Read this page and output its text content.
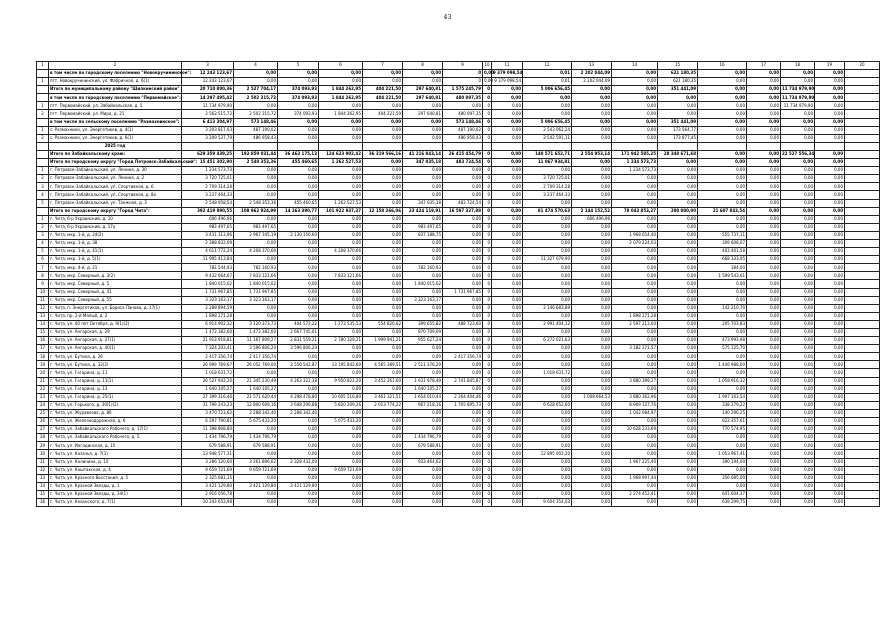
43
1	2	3	4	5	6	7	8	9	10	11	12	13	14	15	16	17	18	19	20
	в том числе по городскому поселению "Новокручининское":	12 243 123,67	0,00	0,00	0,00	0,00	0,00	0	0,00	9 379 098,54	0,01	2 202 044,09	0,00	621 180,35	0,00	0,00	0,00	0,00	
1	пгт. Новокручининский, ул. Фабричная, д. 6(1)	12 243 123,67	0,00	0,00	0,00	0,00	0,00	0	0,00	9 379 098,54	0,01	2 202 044,09	0,00	621 180,35	0,00	0,00	0,00	0,00	
	Итого по муниципальному району "Шилкинский район"	20 710 800,36	2 527 704,17	374 093,93	1 844 262,95	404 221,50	297 640,81	1 575 245,79	0	0,00	5 006 656,45	0,00	0,00	351 441,09	0,00	0,00	11 734 979,90	0,00	
	в том числе по городскому поселению "Первомайское":	14 297 495,42	2 502 315,72	374 093,93	1 844 262,95	404 221,50	297 640,81	480 097,35	0	0,00	0,00	0,00	0,00	0,00	0,00	0,00	11 734 979,90	0,00	
1	пгт. Первомайский, ул. Забайкальская, д. 5	11 734 979,90	0,00	0,00	0,00	0,00	0,00	0,00	0	0,00	0,00	0,00	0,00	0,00	0,00	0,00	11 734 979,90	0,00	
2	пгт. Первомайский, ул. Мира, д. 21	2 562 515,72	2 502 315,72	374 093,93	1 844 262,95	404 221,50	297 640,81	480 097,35	0	0,00	0,00	0,00	0,00	0,00	0,00	0,00	0,00	0,00	
	в том числе по сельскому поселению "Размахнинское":	6 413 304,97	573 148,46	0,00	0,00	0,00	0,00	573 148,46	0	0,00	5 006 656,45	0,00	0,00	351 441,09	0,00	0,00	0,00	0,00	
1	с. Размахнино, ул. Энергетиков, д. 4(1)	3 203 817,03	487 190,02	0,00	0,00	0,00	0,00	487 190,02	0	0,00	2 543 062,24	0,00	0,00	173 564,77	0,00	0,00	0,00	0,00	
2	с. Размахнино, ул. Энергетиков, д. 6(1)	3 209 537,79	486 958,43	0,00	0,00	0,00	0,00	486 958,43	0	0,00	2 542 591,11	0,00	0,00	173 877,45	0,00	0,00	0,00	0,00	
	2025 год																		
	Итого по Забайкальскому краю:	629 359 439,25	192 859 031,44	36 463 175,13	124 623 902,42	36 319 566,16	41 216 843,14	26 415 454,79	0	0,00	140 571 652,71	2 554 953,14	171 942 585,25	28 348 671,68	0,00	0,00	22 527 556,34	0,00	
	Итого по городскому округу "Город Петровск-Забайкальский":	15 451 302,90	2 548 353,36	455 460,65	1 262 527,53	0,00	347 035,18	483 724,54	0	0,00	11 067 934,81	0,00	1 234 573,73	0,00	0,00	0,00	0,00	0,00	
1	г. Петровск-Забайкальский, ул. Ленина, д. 30	1 234 573,73	0,00	0,00	0,00	0,00	0,00	0,00	0	0,00	0,00	0,00	1 234 573,73	0,00	0,00	0,00	0,00	0,00	
2	г. Петровск-Забайкальский, ул. Ленина, д. 2	3 720 725,01	0,00	0,00	0,00	0,00	0,00	0,00	0	0,00	3 720 725,01	0,00	0,00	0,00	0,00	0,00	0,00	0,00	
3	г. Петровск-Забайкальский, ул. Спортивная, д. 6	2 709 314,28	0,00	0,00	0,00	0,00	0,00	0,00	0	0,00	2 709 314,28	0,00	0,00	0,00	0,00	0,00	0,00	0,00	
4	г. Петровск-Забайкальский, ул. Спортивная, д. 8а	3 237 464,33	0,00	0,00	0,00	0,00	0,00	0,00	0	0,00	3 237 464,33	0,00	0,00	0,00	0,00	0,00	0,00	0,00	
5	г. Петровск-Забайкальский, ул. Таежная, д. 3	2 548 958,54	2 548 353,36	455 460,65	1 262 527,53	0,00	347 035,18	483 724,54	0	0,00	0,00	0,00	0,00	0,00	0,00	0,00	0,00	0,00	
	Итого по городскому округу "Город Чита":	392 419 890,55	108 962 924,99	14 263 390,77	101 922 937,37	12 158 266,06	23 424 119,91	16 597 327,88	0	0,00	81 474 570,63	2 144 152,52	78 043 853,27	200 000,00	21 607 843,54	0,00	0,00	0,00	
1	г. Чита, б-р Украинский, д. 10	606 496,96	0,00	0,00	0,00	0,00	0,00	0,00	0	0,00	0,00	606 496,96	0,00	0,00	0,00	0,00	0,00	0,00	
2	г. Чита, б-р Украинский, д. 17а	983 497,65	983 497,65	0,00	0,00	0,00	983 497,65	0,00	0	0,00	0,00	0,00	0,00	0,00	0,00	0,00	0,00	0,00	
3	г. Чита, мкр. 1-й, д. 24(2)	3 431 313,96	2 967 345,19	2 130 156,60	0,00	0,00	837 188,75	0,00	0	0,00	0,00	0,00	1 968 654,40	0,00	555 737,11	0,00	0,00	0,00	
4	г. Чита, мкр. 1-й, д. 38	2 388 832,09	0,00	0,00	0,00	0,00	0,00	0,00	0	0,00	0,00	0,00	2 079 224,03	0,00	309 608,07	0,00	0,00	0,00	
5	г. Чита, мкр. 1-й, д. 41(1)	4 611 772,24	4 208 370,66	0,00	4 208 370,66	0,00	0,00	0,00	0	0,00	0,00	0,00	0,00	0,00	403 401,58	0,00	0,00	0,00	
6	г. Чита, мкр. 1-й, д. 5(1)	11 995 413,84	0,00	0,00	0,00	0,00	0,00	0,00	0	0,00	11 327 079,90	0,00	0,00	0,00	668 333,95	0,00	0,00	0,00	
7	г. Чита, мкр. 4-й, д. 21	782 544,93	782 160,93	0,00	0,00	0,00	782 160,93	0,00	0	0,00	0,00	0,00	0,00	0,00	384,00	0,00	0,00	0,00	
8	г. Чита, мкр. Северный, д. 3(2)	9 432 664,67	7 833 121,66	0,00	7 833 121,66	0,00	0,00	0,00	0	0,00	0,00	0,00	0,00	0,00	1 599 543,01	0,00	0,00	0,00	
9	г. Чита, мкр. Северный, д. 5	1 840 015,02	1 840 015,02	0,00	0,00	0,00	1 840 015,02	0,00	0	0,00	0,00	0,00	0,00	0,00	0,00	0,00	0,00	0,00	
10	г. Чита, мкр. Северный, д. 41	1 731 967,85	1 731 967,85	0,00	0,00	0,00	0,00	1 731 967,85	0	0,00	0,00	0,00	0,00	0,00	0,00	0,00	0,00	0,00	
11	г. Чита, мкр. Северный, д. 55	3 323 163,17	3 323 163,17	0,00	0,00	0,00	3 323 163,17	0,00	0	0,00	0,00	0,00	0,00	0,00	0,00	0,00	0,00	0,00	
12	г. Чита, п. Энергетиков, ул. Бориса Панова, д. 17(1)	2 288 894,59	0,00	0,00	0,00	0,00	0,00	0,00	0	0,00	2 146 683,89	0,00	0,00	0,00	142 210,70	0,00	0,00	0,00	
13	г. Чита, пр. 2-й Малый, д. 2	1 898 271,28	0,00	0,00	0,00	0,00	0,00	0,00	0	0,00	0,00	0,00	1 898 271,28	0,00	0,00	0,00	0,00	0,00	
14	г. Чита, ул. 40 лет Октября, д. 9(1)(2)	6 914 902,32	3 120 373,73	404 572,22	1 273 535,53	554 826,62	399 655,82	488 723,60	0	0,00	2 991 404,12	0,00	2 597 213,00	0,00	205 703,83	0,00	0,00	0,00	
15	г. Чита, ул. Ангарская, д. 29	1 472 382,60	1 472 382,60	2 667 745,01	0,00	0,00	870 709,09	0,00	0	0,00	0,00	0,00	0,00	0,00	0,00	0,00	0,00	0,00	
16	г. Чита, ул. Ангарская, д. 37(1)	21 913 918,81	11 167 809,27	2 831 559,21	2 780 329,21	1 999 941,21	955 627,24	0,00	0	0,00	6 272 021,63	0,00	0,00	0,00	473 993,98	0,00	0,00	0,00	
17	г. Чита, ул. Ангарская, д. 40(1)	7 324 203,41	3 596 806,20	3 596 806,20	0,00	0,00	0,00	0,00	0	0,00	0,00	0,00	3 182 271,57	0,00	575 125,70	0,00	0,00	0,00	
18	г. Чита, ул. Бутина, д. 26	2 417 356,74	2 417 356,74	0,00	0,00	0,00	0,00	2 417 356,74	0	0,00	0,00	0,00	0,00	0,00	0,00	0,00	0,00	0,00	
19	г. Чита, ул. Бутина, д. 32(2)	26 999 769,67	26 052 769,00	3 550 542,87	13 195 842,60	4 565 389,51	2 511 376,20	0,00	0	0,00	0,00	0,00	0,00	0,00	1 446 988,00	0,00	0,00	0,00	
20	г. Чита, ул. Гагарина, д. 11	1 018 631,72	0,00	0,00	0,00	0,00	0,00	0,00	0	0,00	1 018 631,72	0,00	0,00	0,00	0,00	0,00	0,00	0,00	
21	г. Чита, ул. Гагарина, д. 11(1)	26 527 942,20	21 345 230,49	4 263 322,38	9 950 822,20	3 452 261,60	1 631 978,49	2 741 845,87	0	0,00	0,00	0,00	3 880 399,27	0,00	1 058 916,32	0,00	0,00	0,00	
22	г. Чита, ул. Гагарина, д. 13	1 640 105,27	1 640 105,27	0,00	0,00	0,00	1 640 105,27	0,00	0	0,00	0,00	0,00	0,00	0,00	0,00	0,00	0,00	0,00	
23	г. Чита, ул. Гагарина, д. 25(1)	27 399 316,46	21 571 620,44	4 298 478,80	10 605 516,80	3 461 321,51	1 654 010,44	2 264 404,46	0	0,00	0,00	1 008 664,53	3 880 362,96	0,00	1 997 163,54	0,00	0,00	0,00	
24	г. Чита, ул. Горького, д. 30(1)(2)	31 799 243,23	12 800 609,16	3 648 206,88	5 820 209,26	2 013 774,22	967 218,16	1 705 895,73	0	0,00	6 628 652,60	0,00	8 909 137,76	0,00	338 279,22	0,00	0,00	0,00	
25	г. Чита, ул. Журавлева, д. 86	3 470 723,62	2 288 342,40	2 288 342,40	0,00	0,00	0,00	0,00	0	0,00	0,00	0,00	1 042 084,97	0,00	140 296,25	0,00	0,00	0,00	
26	г. Чита, ул. Железнодорожная, д. 6	6 297 790,81	5 675 433,20	0,00	5 675 433,20	0,00	0,00	0,00	0	0,00	0,00	0,00	0,00	0,00	622 357,61	0,00	0,00	0,00	
27	г. Чита, ул. Забайкальского Рабочего, д. 17(1)	11 398 808,80	0,00	0,00	0,00	0,00	0,00	0,00	0	0,00	0,00	0,00	10 628 233,69	0,00	770 574,95	0,00	0,00	0,00	
28	г. Чита, ул. Забайкальского Рабочего, д. 5	1 434 796,79	1 434 796,79	0,00	0,00	0,00	1 434 796,79	0,00	0	0,00	0,00	0,00	0,00	0,00	0,00	0,00	0,00	0,00	
29	г. Чита, ул. Ингодинская, д. 15	679 588,91	679 588,91	0,00	0,00	0,00	679 588,91	0,00	0	0,00	0,00	0,00	0,00	0,00	0,00	0,00	0,00	0,00	
30	г. Чита, ул. Казачья, д. 7(1)	13 948 577,31	0,00	0,00	0,00	0,00	0,00	0,00	0	0,00	12 895 002,20	0,00	0,00	0,00	1 053 967,41	0,00	0,00	0,00	
31	г. Чита, ул. Калинина, д. 10	3 286 120,60	3 261 896,62	2 328 432,00	0,00	0,00	933 464,62	0,00	0	0,00	0,00	0,00	1 967 225,40	0,00	390 194,00	0,00	0,00	0,00	
32	г. Чита, ул. Каштакская, д. 4	9 659 721,69	9 659 721,69	0,00	9 659 721,69	0,00	0,00	0,00	0	0,00	0,00	0,00	0,00	0,00	0,00	0,00	0,00	0,00	
33	г. Чита, ул. Красного Восстания, д. 5	2 325 681,15	0,00	0,00	0,00	0,00	0,00	0,00	0	0,00	0,00	0,00	1 968 997,44	0,00	356 685,00	0,00	0,00	0,00	
34	г. Чита, ул. Красной Звезды, д. 1	3 421 129,80	3 421 129,80	3 421 129,80	0,00	0,00	0,00	0,00	0	0,00	0,00	0,00	0,00	0,00	0,00	0,00	0,00	0,00	
35	г. Чита, ул. Красной Звезды, д. 34(1)	2 916 056,78	0,00	0,00	0,00	0,00	0,00	0,00	0	0,00	0,00	0,00	2 274 452,41	0,00	641 604,37	0,00	0,00	0,00	
36	г. Чита, ул. Коханского, д. 7(1)	10 243 653,98	0,00	0,00	0,00	0,00	0,00	0,00	0	0,00	9 604 354,03	0,00	0,00	0,00	639 299,75	0,00	0,00	0,00	
